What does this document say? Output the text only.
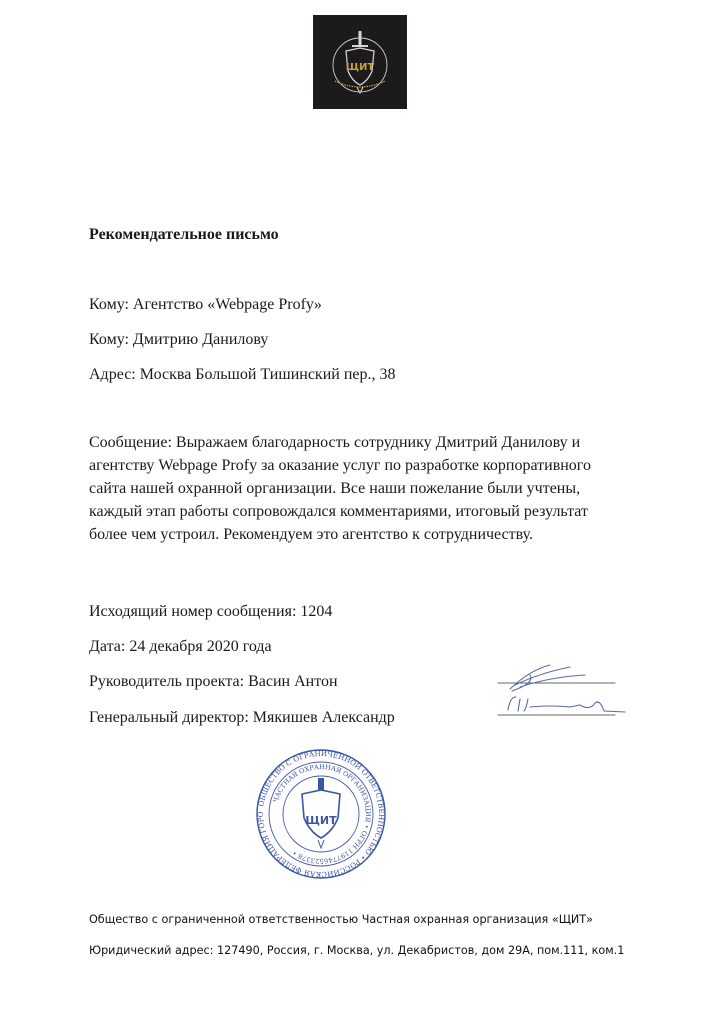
ЩИТ
Рекомендательное письмо
Кому: Агентство «Webpage Profy»
Кому: Дмитрию Данилову
Адрес: Москва Большой Тишинский пер., 38
Сообщение: Выражаем благодарность сотруднику Дмитрий Данилову и
агентству Webpage Profy за оказание услуг по разработке корпоративного
сайта нашей охранной организации. Все наши пожелание были учтены,
каждый этап работы сопровождался комментариями, итоговый результат
более чем устроил. Рекомендуем это агентство к сотрудничеству.
Исходящий номер сообщения: 1204
Дата: 24 декабря 2020 года
Руководитель проекта: Васин Антон
Генеральный директор: Мякишев Александр
ОБЩЕСТВО С ОГРАНИЧЕННОЙ ОТВЕТСТВЕННОСТЬЮ • РОССИЙСКАЯ ФЕДЕРАЦИЯ ГОРО
ЧАСТНАЯ ОХРАННАЯ ОРГАНИЗАЦИЯ • ОГРН 1197746523378 •
ЩИТ
Общество с ограниченной ответственностью Частная охранная организация «ЩИТ»
Юридический адрес: 127490, Россия, г. Москва, ул. Декабристов, дом 29А, пом.111, ком.1
